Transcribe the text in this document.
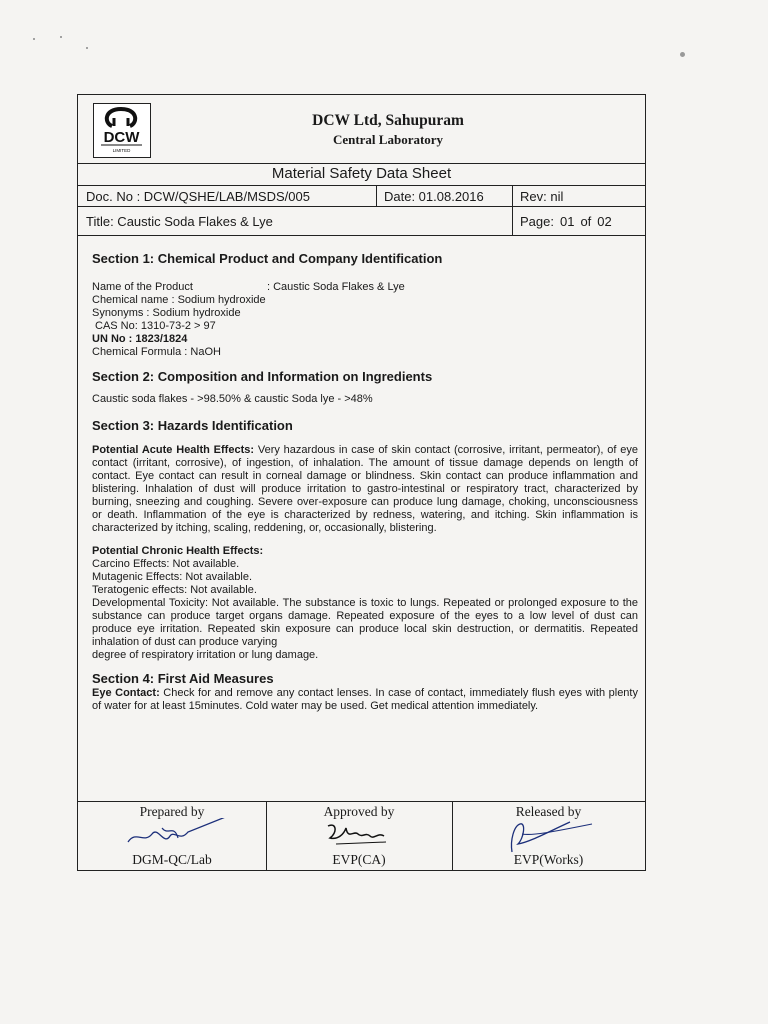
DCW
LIMITED
DCW Ltd, Sahupuram
Central Laboratory
Material Safety Data Sheet
Doc. No : DCW/QSHE/LAB/MSDS/005	Date: 01.08.2016	Rev: nil
Title: Caustic Soda Flakes & Lye	Page: 01 of 02

Section 1: Chemical Product and Company Identification

Name of the Product	: Caustic Soda Flakes & Lye

Chemical name : Sodium hydroxide

Synonyms : Sodium hydroxide

CAS No: 1310-73-2 > 97

UN No : 1823/1824

Chemical Formula : NaOH

Section 2: Composition and Information on Ingredients

Caustic soda flakes - >98.50% & caustic Soda lye - >48%

Section 3: Hazards Identification

Potential Acute Health Effects: Very hazardous in case of skin contact (corrosive, irritant, permeator), of eye contact (irritant, corrosive), of ingestion, of inhalation. The amount of tissue damage depends on length of contact. Eye contact can result in corneal damage or blindness. Skin contact can produce inflammation and blistering. Inhalation of dust will produce irritation to gastro-intestinal or respiratory tract, characterized by burning, sneezing and coughing. Severe over-exposure can produce lung damage, choking, unconsciousness or death. Inflammation of the eye is characterized by redness, watering, and itching. Skin inflammation is characterized by itching, scaling, reddening, or, occasionally, blistering.

Potential Chronic Health Effects:

Carcino Effects: Not available.

Mutagenic Effects: Not available.

Teratogenic effects: Not available.

Developmental Toxicity: Not available. The substance is toxic to lungs. Repeated or prolonged exposure to the substance can produce target organs damage. Repeated exposure of the eyes to a low level of dust can produce eye irritation. Repeated skin exposure can produce local skin destruction, or dermatitis. Repeated inhalation of dust can produce varying

degree of respiratory irritation or lung damage.

Section 4: First Aid Measures

Eye Contact: Check for and remove any contact lenses. In case of contact, immediately flush eyes with plenty of water for at least 15minutes. Cold water may be used. Get medical attention immediately.

Prepared by
DGM-QC/Lab
Approved by
EVP(CA)
Released by
EVP(Works)
